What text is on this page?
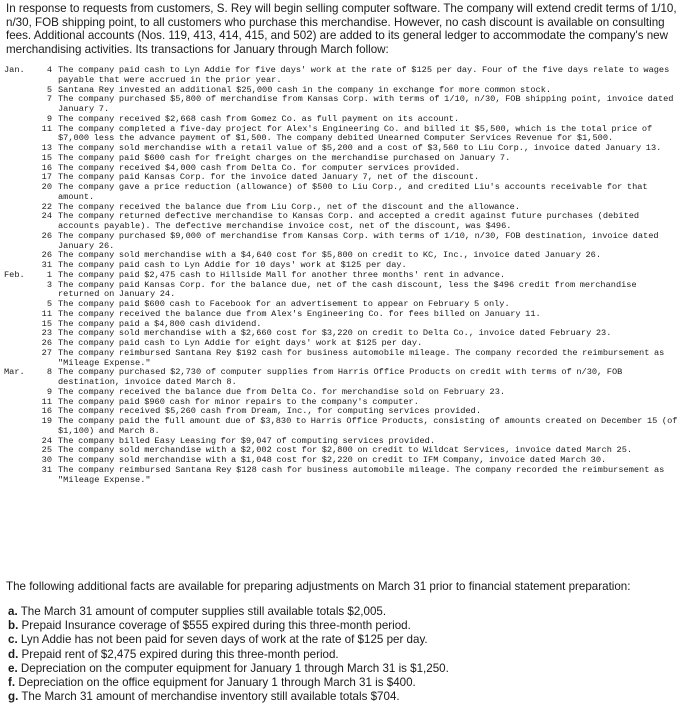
In response to requests from customers, S. Rey will begin selling computer software. The company will extend credit terms of 1/10, n/30, FOB shipping point, to all customers who purchase this merchandise. However, no cash discount is available on consulting fees. Additional accounts (Nos. 119, 413, 414, 415, and 502) are added to its general ledger to accommodate the company's new merchandising activities. Its transactions for January through March follow:

Jan.	4 The company paid cash to Lyn Addie for five days' work at the rate of $125 per day. Four of the five days relate to wages payable that were accrued in the prior year.
5 Santana Rey invested an additional $25,000 cash in the company in exchange for more common stock.
7 The company purchased $5,800 of merchandise from Kansas Corp. with terms of 1/10, n/30, FOB shipping point, invoice dated January 7.
9 The company received $2,668 cash from Gomez Co. as full payment on its account.
11 The company completed a five-day project for Alex's Engineering Co. and billed it $5,500, which is the total price of $7,000 less the advance payment of $1,500. The company debited Unearned Computer Services Revenue for $1,500.
13 The company sold merchandise with a retail value of $5,200 and a cost of $3,560 to Liu Corp., invoice dated January 13.
15 The company paid $600 cash for freight charges on the merchandise purchased on January 7.
16 The company received $4,000 cash from Delta Co. for computer services provided.
17 The company paid Kansas Corp. for the invoice dated January 7, net of the discount.
20 The company gave a price reduction (allowance) of $500 to Liu Corp., and credited Liu's accounts receivable for that amount.
22 The company received the balance due from Liu Corp., net of the discount and the allowance.
24 The company returned defective merchandise to Kansas Corp. and accepted a credit against future purchases (debited accounts payable). The defective merchandise invoice cost, net of the discount, was $496.
26 The company purchased $9,000 of merchandise from Kansas Corp. with terms of 1/10, n/30, FOB destination, invoice dated January 26.
26 The company sold merchandise with a $4,640 cost for $5,800 on credit to KC, Inc., invoice dated January 26.
31 The company paid cash to Lyn Addie for 10 days' work at $125 per day.
Feb.	1 The company paid $2,475 cash to Hillside Mall for another three months' rent in advance.
3 The company paid Kansas Corp. for the balance due, net of the cash discount, less the $496 credit from merchandise returned on January 24.
5 The company paid $600 cash to Facebook for an advertisement to appear on February 5 only.
11 The company received the balance due from Alex's Engineering Co. for fees billed on January 11.
15 The company paid a $4,800 cash dividend.
23 The company sold merchandise with a $2,660 cost for $3,220 on credit to Delta Co., invoice dated February 23.
26 The company paid cash to Lyn Addie for eight days' work at $125 per day.
27 The company reimbursed Santana Rey $192 cash for business automobile mileage. The company recorded the reimbursement as "Mileage Expense."
Mar.	8 The company purchased $2,730 of computer supplies from Harris Office Products on credit with terms of n/30, FOB destination, invoice dated March 8.
9 The company received the balance due from Delta Co. for merchandise sold on February 23.
11 The company paid $960 cash for minor repairs to the company's computer.
16 The company received $5,260 cash from Dream, Inc., for computing services provided.
19 The company paid the full amount due of $3,830 to Harris Office Products, consisting of amounts created on December 15 (of $1,100) and March 8.
24 The company billed Easy Leasing for $9,047 of computing services provided.
25 The company sold merchandise with a $2,002 cost for $2,800 on credit to Wildcat Services, invoice dated March 25.
30 The company sold merchandise with a $1,048 cost for $2,220 on credit to IFM Company, invoice dated March 30.
31 The company reimbursed Santana Rey $128 cash for business automobile mileage. The company recorded the reimbursement as "Mileage Expense."

The following additional facts are available for preparing adjustments on March 31 prior to financial statement preparation:

a. The March 31 amount of computer supplies still available totals $2,005.
b. Prepaid Insurance coverage of $555 expired during this three-month period.
c. Lyn Addie has not been paid for seven days of work at the rate of $125 per day.
d. Prepaid rent of $2,475 expired during this three-month period.
e. Depreciation on the computer equipment for January 1 through March 31 is $1,250.
f. Depreciation on the office equipment for January 1 through March 31 is $400.
g. The March 31 amount of merchandise inventory still available totals $704.
